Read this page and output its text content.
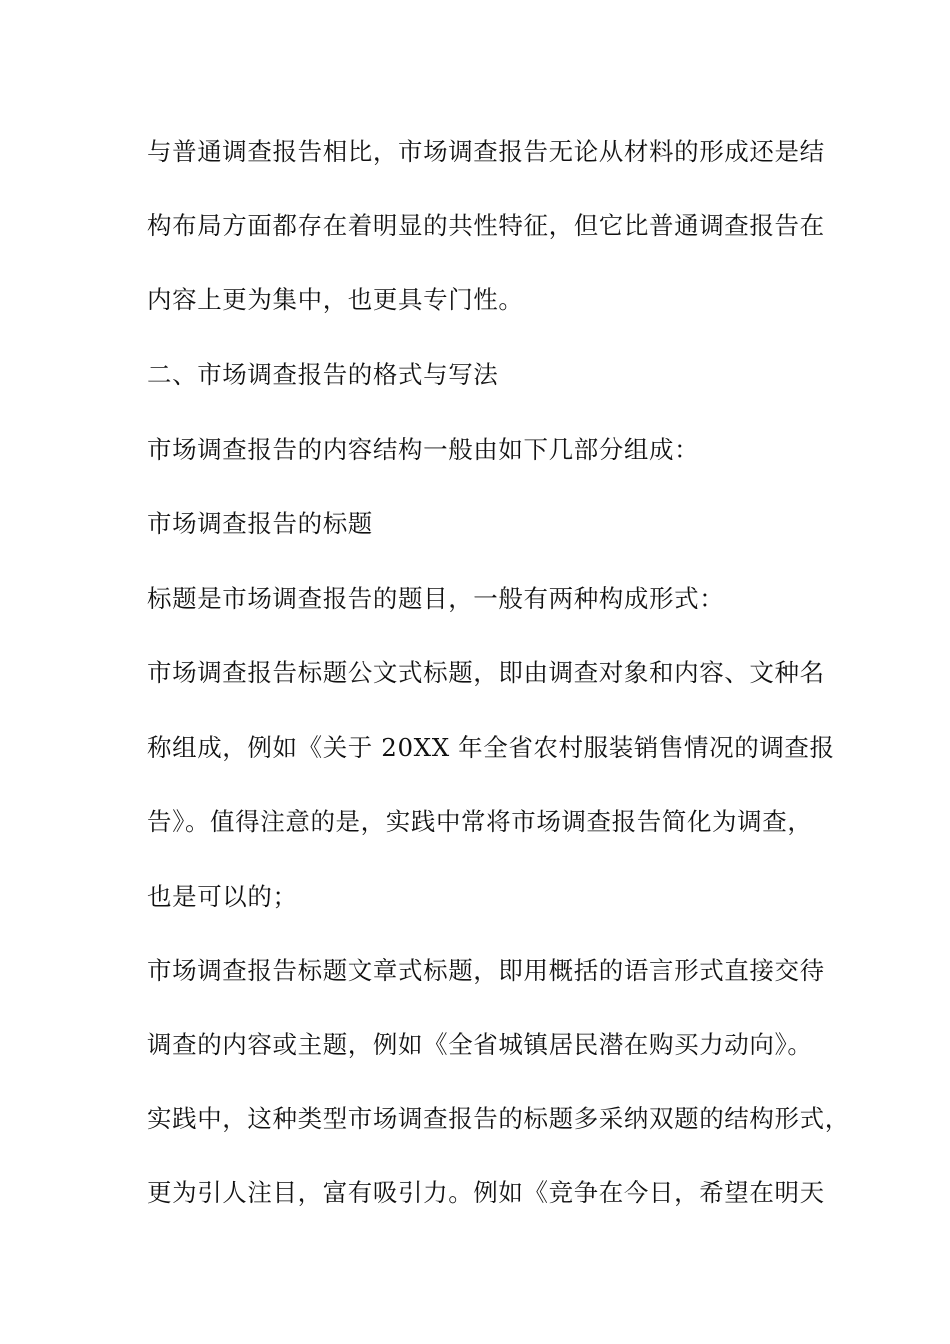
与普通调查报告相比，市场调查报告无论从材料的形成还是结
构布局方面都存在着明显的共性特征，但它比普通调查报告在
内容上更为集中，也更具专门性。
二、市场调查报告的格式与写法
市场调查报告的内容结构一般由如下几部分组成：
市场调查报告的标题
标题是市场调查报告的题目，一般有两种构成形式：
市场调查报告标题公文式标题，即由调查对象和内容、文种名
称组成，例如《关于 20XX 年全省农村服装销售情况的调查报
告》。值得注意的是，实践中常将市场调查报告简化为调查，
也是可以的；
市场调查报告标题文章式标题，即用概括的语言形式直接交待
调查的内容或主题，例如《全省城镇居民潜在购买力动向》。
实践中，这种类型市场调查报告的标题多采纳双题的结构形式，
更为引人注目，富有吸引力。例如《竞争在今日，希望在明天
